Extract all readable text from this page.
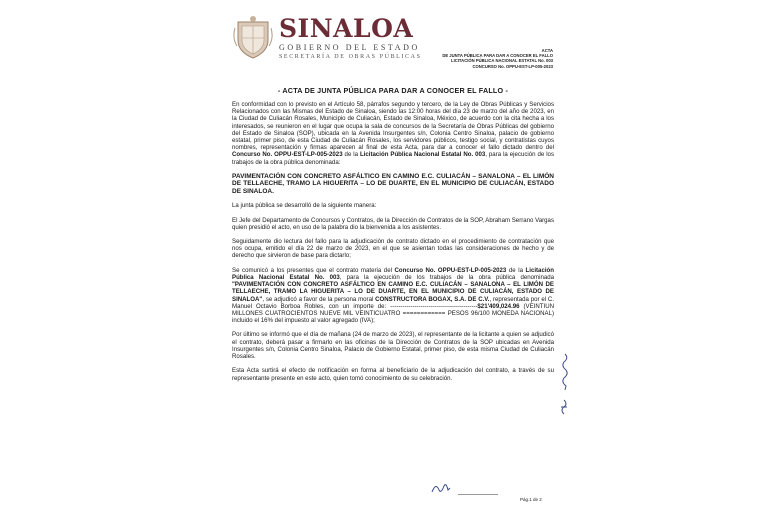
SINALOA
GOBIERNO DEL ESTADO
SECRETARÍA DE OBRAS PÚBLICAS
ACTA
DE JUNTA PÚBLICA PARA DAR A CONOCER EL FALLO
LICITACIÓN PÚBLICA NACIONAL ESTATAL No. 003
CONCURSO No. OPPU-EST-LP-005-2023
- ACTA DE JUNTA PÚBLICA PARA DAR A CONOCER EL FALLO -

En conformidad con lo previsto en el Artículo 58, párrafos segundo y tercero, de la Ley de Obras Públicas y Servicios Relacionados con las Mismas del Estado de Sinaloa, siendo las 12:00 horas del día 23 de marzo del año de 2023, en la Ciudad de Culiacán Rosales, Municipio de Culiacán, Estado de Sinaloa, México, de acuerdo con la cita hecha a los interesados, se reunieron en el lugar que ocupa la sala de concursos de la Secretaría de Obras Públicas del gobierno del Estado de Sinaloa (SOP), ubicada en la Avenida Insurgentes s/n, Colonia Centro Sinaloa, palacio de gobierno estatal, primer piso, de esta Ciudad de Culiacán Rosales, los servidores públicos, testigo social, y contratistas cuyos nombres, representación y firmas aparecen al final de esta Acta, para dar a conocer el fallo dictado dentro del Concurso No. OPPU-EST-LP-005-2023 de la Licitación Pública Nacional Estatal No. 003, para la ejecución de los trabajos de la obra pública denominada:

PAVIMENTACIÓN CON CONCRETO ASFÁLTICO EN CAMINO E.C. CULIACÁN – SANALONA – EL LIMÓN DE TELLAECHE, TRAMO LA HIGUERITA – LO DE DUARTE, EN EL MUNICIPIO DE CULIACÁN, ESTADO DE SINALOA.

La junta pública se desarrolló de la siguiente manera:

El Jefe del Departamento de Concursos y Contratos, de la Dirección de Contratos de la SOP, Abraham Serrano Vargas quien presidió el acto, en uso de la palabra dio la bienvenida a los asistentes.

Seguidamente dio lectura del fallo para la adjudicación de contrato dictado en el procedimiento de contratación que nos ocupa, emitido el día 22 de marzo de 2023, en el que se asientan todas las consideraciones de hecho y de derecho que sirvieron de base para dictarlo;

Se comunicó a los presentes que el contrato materia del Concurso No. OPPU-EST-LP-005-2023 de la Licitación Pública Nacional Estatal No. 003, para la ejecución de los trabajos de la obra pública denominada "PAVIMENTACIÓN CON CONCRETO ASFÁLTICO EN CAMINO E.C. CULIACÁN – SANALONA – EL LIMÓN DE TELLAECHE, TRAMO LA HIGUERITA – LO DE DUARTE, EN EL MUNICIPIO DE CULIACÁN, ESTADO DE SINALOA", se adjudicó a favor de la persona moral CONSTRUCTORA BOGAX, S.A. DE C.V., representada por el C. Manuel Octavio Borboa Robles, con un importe de: -------------------------------------------$21'409,024.96 (VEINTIUN MILLONES CUATROCIENTOS NUEVE MIL VEINTICUATRO ============ PESOS 96/100 MONEDA NACIONAL) incluido el 16% del impuesto al valor agregado (IVA);

Por último se informó que el día de mañana (24 de marzo de 2023), el representante de la licitante a quien se adjudicó el contrato, deberá pasar a firmarlo en las oficinas de la Dirección de Contratos de la SOP ubicadas en Avenida Insurgentes s/n, Colonia Centro Sinaloa, Palacio de Gobierno Estatal, primer piso, de esta misma Ciudad de Culiacán Rosales.

Esta Acta surtirá el efecto de notificación en forma al beneficiario de la adjudicación del contrato, a través de su representante presente en este acto, quien tomó conocimiento de su celebración.

Pág.1 de 2
